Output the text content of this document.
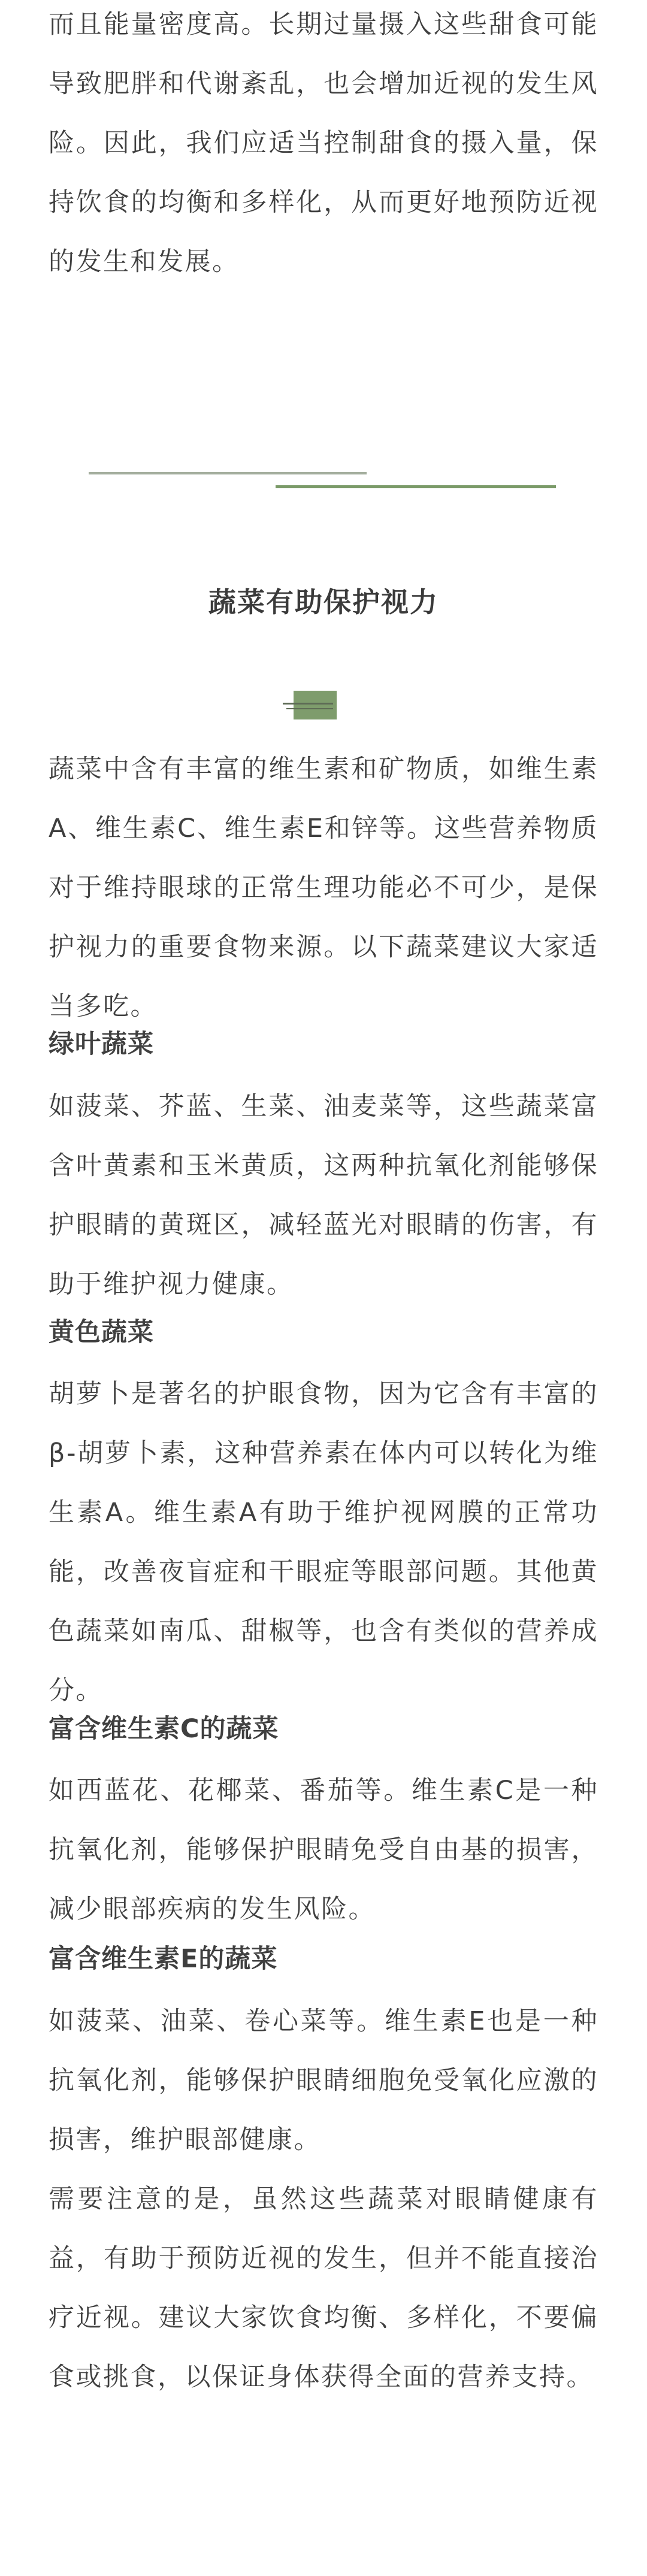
而且能量密度高。长期过量摄入这些甜食可能导致肥胖和代谢紊乱，也会增加近视的发生风险。因此，我们应适当控制甜食的摄入量，保持饮食的均衡和多样化，从而更好地预防近视的发生和发展。

蔬菜有助保护视力

蔬菜中含有丰富的维生素和矿物质，如维生素A、维生素C、维生素E和锌等。这些营养物质对于维持眼球的正常生理功能必不可少，是保护视力的重要食物来源。以下蔬菜建议大家适当多吃。

绿叶蔬菜

如菠菜、芥蓝、生菜、油麦菜等，这些蔬菜富含叶黄素和玉米黄质，这两种抗氧化剂能够保护眼睛的黄斑区，减轻蓝光对眼睛的伤害，有助于维护视力健康。

黄色蔬菜

胡萝卜是著名的护眼食物，因为它含有丰富的β-胡萝卜素，这种营养素在体内可以转化为维生素A。维生素A有助于维护视网膜的正常功能，改善夜盲症和干眼症等眼部问题。其他黄色蔬菜如南瓜、甜椒等，也含有类似的营养成分。

富含维生素C的蔬菜

如西蓝花、花椰菜、番茄等。维生素C是一种抗氧化剂，能够保护眼睛免受自由基的损害，减少眼部疾病的发生风险。

富含维生素E的蔬菜

如菠菜、油菜、卷心菜等。维生素E也是一种抗氧化剂，能够保护眼睛细胞免受氧化应激的损害，维护眼部健康。

需要注意的是，虽然这些蔬菜对眼睛健康有益，有助于预防近视的发生，但并不能直接治疗近视。建议大家饮食均衡、多样化，不要偏食或挑食，以保证身体获得全面的营养支持。
